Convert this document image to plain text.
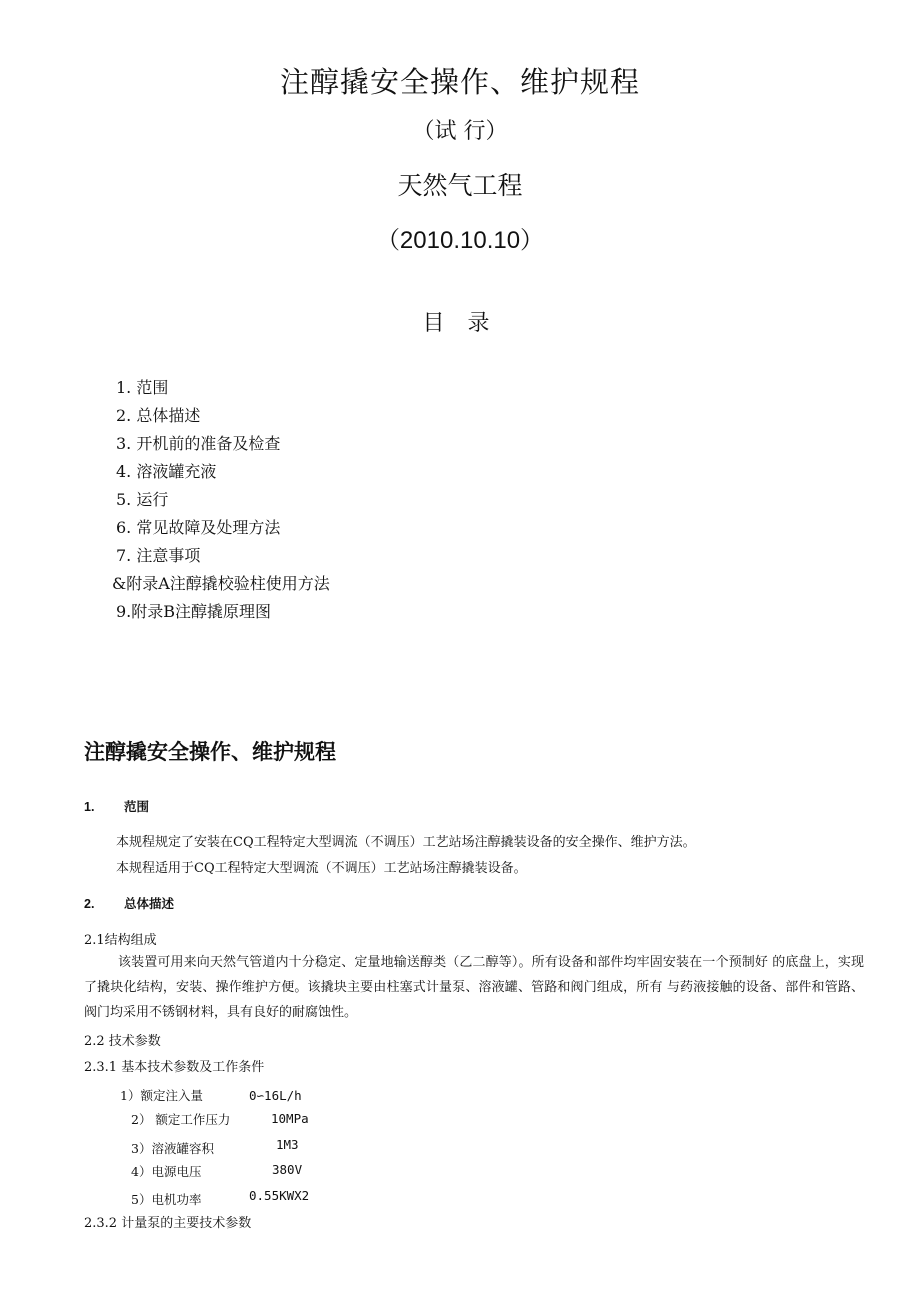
注醇撬安全操作、维护规程
（试 行）
天然气工程
（2010.10.10）
目 录
1. 范围
2. 总体描述
3. 开机前的准备及检查
4. 溶液罐充液
5. 运行
6. 常见故障及处理方法
7. 注意事项
&附录A注醇撬校验柱使用方法
9.附录B注醇撬原理图
注醇撬安全操作、维护规程
1. 范围
本规程规定了安装在CQ工程特定大型调流（不调压）工艺站场注醇撬装设备的安全操作、维护方法。
本规程适用于CQ工程特定大型调流（不调压）工艺站场注醇撬装设备。
2. 总体描述
2.1结构组成
该装置可用来向天然气管道内十分稳定、定量地输送醇类（乙二醇等）。所有设备和部件均牢固安装在一个预制好 的底盘上，实现了撬块化结构，安装、操作维护方便。该撬块主要由柱塞式计量泵、溶液罐、管路和阀门组成，所有 与药液接触的设备、部件和管路、阀门均采用不锈钢材料，具有良好的耐腐蚀性。
2.2 技术参数
2.3.1 基本技术参数及工作条件
1）额定注入量	0∽16L/h
2） 额定工作压力	10MPa
3）溶液罐容积	1M3
4）电源电压	380V
5）电机功率	0.55KWX2
2.3.2 计量泵的主要技术参数
